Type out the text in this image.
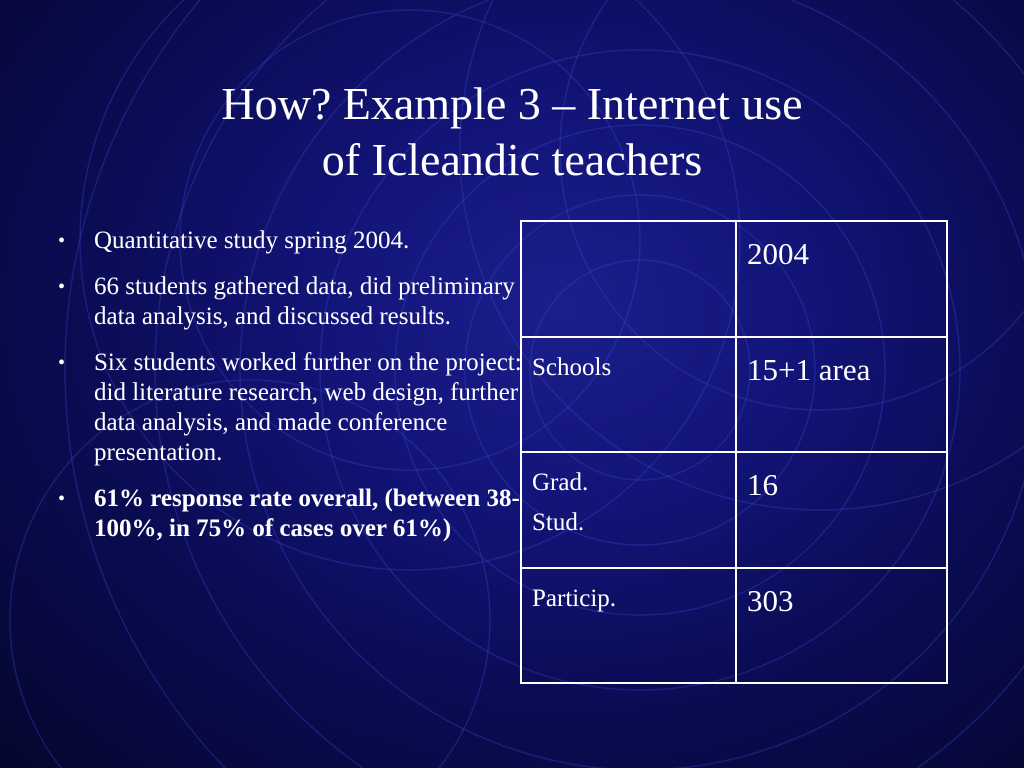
How? Example 3 – Internet use
of Icleandic teachers
• Quantitative study spring 2004.
• 66 students gathered data, did preliminary data analysis, and discussed results.
• Six students worked further on the project: did literature research, web design, further data analysis, and made conference presentation.
• 61% response rate overall, (between 38-100%, in 75% of cases over 61%)
	2004

Schools	15+1 area

Grad.
Stud.	16

Particip.	303
